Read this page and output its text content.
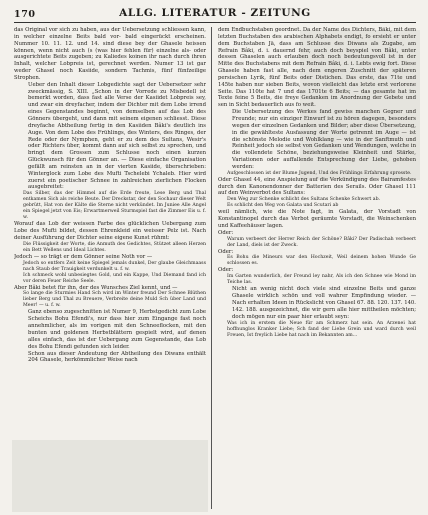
170	ALLG. LITERATUR - ZEITUNG

das Original vor sich zu haben, aus der Uebersetzung schliessen kann, in welcher einzelne Beits bald vor- bald eingerückt erscheinen. Nummer 10. 11. 12. und 14. sind diese bey der Ghasele heissen können, wenn nicht auch (s (was hier fehlen für) einzelne als- oder ausgerichtete Beits zugeben; zu Kaliedes koinen ihr nach durch ihren Inhalt, welcher Lobpreis ist, gerechnet werden. Numer 13 ist gar weder Ghasel noch Kasiide, sondern Tachmis, fünf fünfzeilige Strophen.

Ueber den Inhalt dieser Lobgedichte sagt der Uebersetzer sehr zweckmässig, S. XIII. „Schon in der Vorrede zu Misbedell ist bemerkt worden, dass fast alle Verse der Kasiidet Lobpreis sey, und zwar ein dreyfacher, indem der Dichter mit dem Lobe irrend eines Gegenstandes beginnt, von demselben auf das Lob des Gönners übergeht, und dann mit seinem eigenen schliesst. Diese dreyfache Abtheilung fertig in den Kasiiden Bâki's deutlich ins Auge. Von dem Lobe des Frühlings, des Winters, des Ringes, der Rede oder der Nymphen, geht er zu dem des Sultans, Wesir's oder Richters über, kommt dann auf sich selbst zu sprechen, und bringt dem Grossen zum Schlusse noch einen kurzen Glückwunsch für den Gönner an. — Diese einfache Organisation gefällt am reinsten an in der vierten Kasiide, überschrieben: Winterglock zum Lobe des Mufti Tschelebi Ychaleb. Hier wird zuerst ein poetischer Schnee in zahlreichen zierlichen Flocken ausgebreitet:

Das Silber, das der Himmel auf die Erde freute, Lese Berg und Thal entkamen Sich als reiche Beute. Der Dreckstar, der den Sochaur dieser Welt gebrütt, Hat von der Kälte die Sterne nicht verkündet. Im Juniee Alle Angel ein Spiegel jetzt von Eis; Erwartmerweil Sturmspiel fast die Zimmer Eis u. f. w.

Worauf das Lob der weissen Farbe des glücklichen Uebergang zum Lobe des Mufti bildet, dessen Ehrenkleid ein weisser Pelz ist. Nach deiner Ausführung der Dichter seine eigene Kunst rühmt:

Die Flüssigkeit der Worte, die Anmuth des Gedichtes, Stützet alleen Herzen ein Bett Wellens und Ideal Lichtes.

Jedoch — so trägt er dem Gönner seine Noth vor —

Jedoch so entfers Zeit keine Spiegel jemals dunkel, Der glaube Gleichmaass nach Staub der Trauigkeit verdunkelt u. f. w.

Ich schmeck wohl unbesiegtes Gold, und ein Kappe, Und Diemand fand ich vor deren Feuer Reiche Seele.

Aber Bâki betet für ihn, der des Wunsches Ziel kennt, und —

So lange die Sturmies Hand Sch wird im Winter freund Der Schnee Blüthen lieber Berg und Thal zu Breuere, Verbreite deine Muld Sch über Land und Meer! — u. f. w.

Ganz ebenso zugeschnitten ist Numer 9, Herbstgedicht zum Lobe Scheichs Bohu Efendi's, nur dass hier zum Eingange fast noch annehmlicher, als im vorigen mit den Schneeflocken, mit den bunten und goldenen Herbstblättern gespielt wird, auf denen alles einfach, das ist der Uebergang zum Gegenstande, das Lob des Bohu Efendi gefunden sich leider.

Schon aus dieser Andeutung der Abtheilung des Diwans enthält 204 Ghasele, herkömmlicher Weise nach

dem Endbuchstaben geordnet. Da der Name des Dichters, Bâki, mit dem letzten Buchstaben des arabischen Alphabets endigt, fo ersieht er unter dem Buchstaben Jä, dass am Schlusse des Diwans als Zugabe, am Refrain Bâki, d. i. dauernd fehr, auch doch beyspiel von Bâki, unter dessen Ghaselen auch erlauben doch noch bedeutungsvoll ist in der Mitte des Buchstabens mit dem Refrain Bâki, d. i. Lebts ewig fort. Diese Ghasele haben fast alle, nach dem engeren Zuschnitt der späteren persischen Lyrik, fünf Beits oder Distichen. Das erste, das 71te und 145te haben nur sieben Beits, wovon vielleicht das letzte erst verlorene Seite. Das 110te hat 7 und das 1701te 6 Beits; — das gesamte hat im Texte feine 5 Beits, die freye Gedanken im Anordnung der Gebete und sen in Sicht bedauerlich aus fo weit.

Die Uebersetzung des Werkes fand gewiss manchen Gegner und Freunde; nur ein einziger Einwurf ist zu hören dagegen, besonders wegen der einzelnen Gedanken und Bilder; aber diese Übersetzung, in die gewählteste Ausfassung der Worte getrennt im Auge — ist die schönste Melodie und Wohlklang — wie in der Sanftmuth und Reinheit jedoch sie selbst von Gedanken und Wendungen, welche in die vollendete Schöne, beziehungsweise Kleinheit und Stärke, Variationen oder auffallende Entsprechung der Liebe, gehoben werden:

Aufgeschlossen ist der Blume Jugend, Und des Frühlings Erfahrung sprosste.

Oder Ghasel 44, eine Anspielung auf die Verkündigung des Bairamfestes durch den Kanonendonner der Batterien des Serails. Oder Ghasel 111 auf den Weinverbot des Sultans:

Den Weg zur Schenke schlicht des Sultans Schenke Schwert ab.

Es schlicht den Weg von Galata und Scutari ab

weil nämlich, wie die Note fagt, in Galata, der Vorstadt von Konstantinopel durch das Verbot geräumte Vorstadt, die Weinschenken und Kaffeehäuser lagen.

Oder:

Warum verbeert der Herrer Reich der Schöne? Bâki? Der Padischah verbeert der Land, diels ist der Zweck.

Oder:

Es Bohu die Mineurs war den Hochzeit, Weil deinem hohen Wunde Ge schlossen es.

Oder:

Im Garten wunderlich, der Freund ley nahr, Als ich den Schnee wie Mond im Teiche las.

Nicht an wenig nicht doch viele sind einzelne Beits und ganze Ghasele wirklich schön und voll wahrer Empfindung wieder. — Nach erhalten Ideen in Rückslicht von Ghasel 67. 88. 120. 137. 140. 142. 188. ausgezeichnet, die wir gern alle hier mittheilen möchten; doch mögen nur ein paar hier erlaubt seyn:

Was ich in erstem die Neue für am Schmerz hat sein. An Arzenei hat hoffnunglos Kranker Liebe; Sch fand der Liebe Grein und ward durch weil Freuen, Ist freylich Liebe hat nach im Bekannten am...
